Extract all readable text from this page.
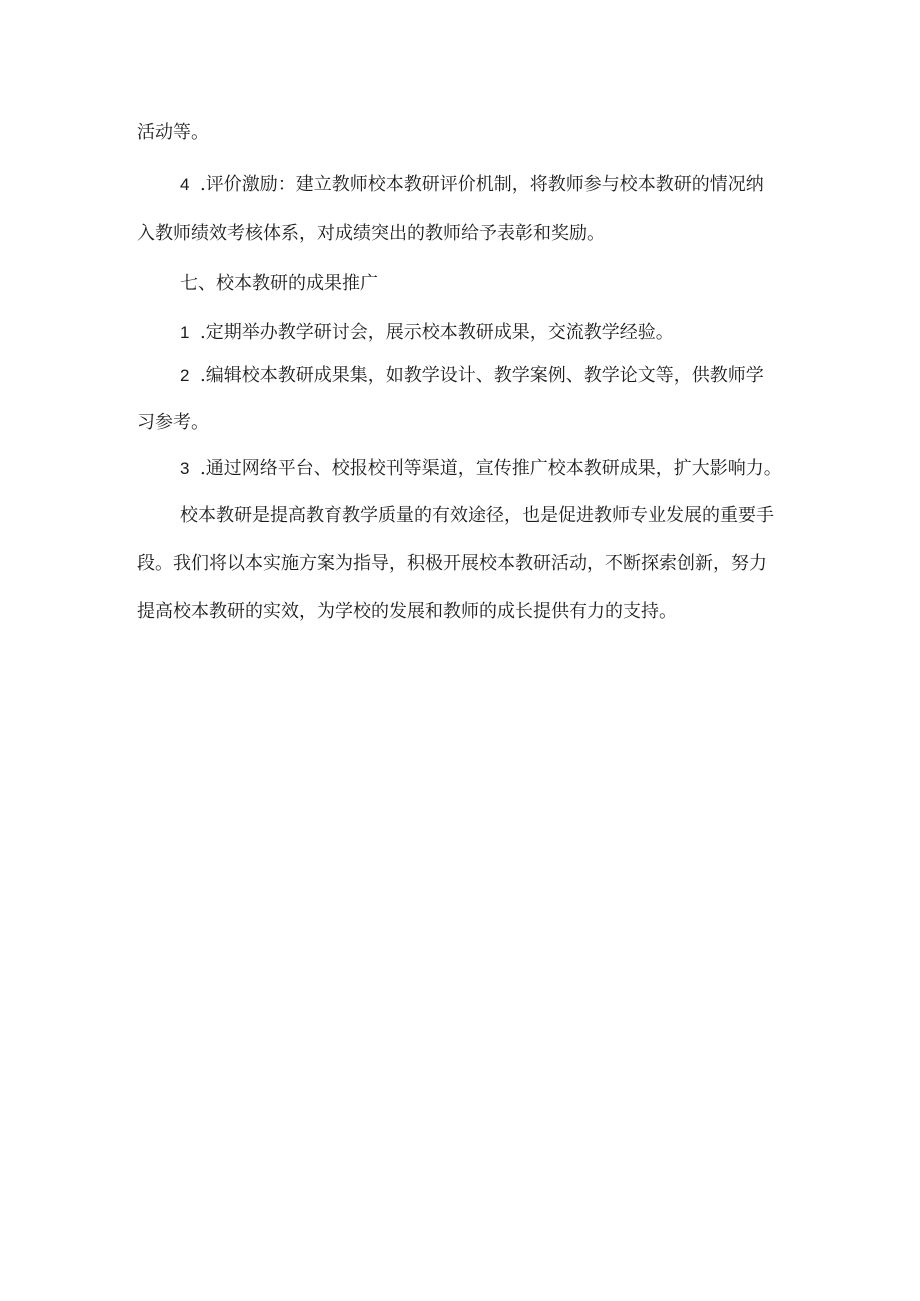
活动等。
4 .评价激励：建立教师校本教研评价机制，将教师参与校本教研的情况纳
入教师绩效考核体系，对成绩突出的教师给予表彰和奖励。
七、校本教研的成果推广
1 .定期举办教学研讨会，展示校本教研成果，交流教学经验。
2 .编辑校本教研成果集，如教学设计、教学案例、教学论文等，供教师学
习参考。
3 .通过网络平台、校报校刊等渠道，宣传推广校本教研成果，扩大影响力。
校本教研是提高教育教学质量的有效途径，也是促进教师专业发展的重要手
段。我们将以本实施方案为指导，积极开展校本教研活动，不断探索创新，努力
提高校本教研的实效，为学校的发展和教师的成长提供有力的支持。
